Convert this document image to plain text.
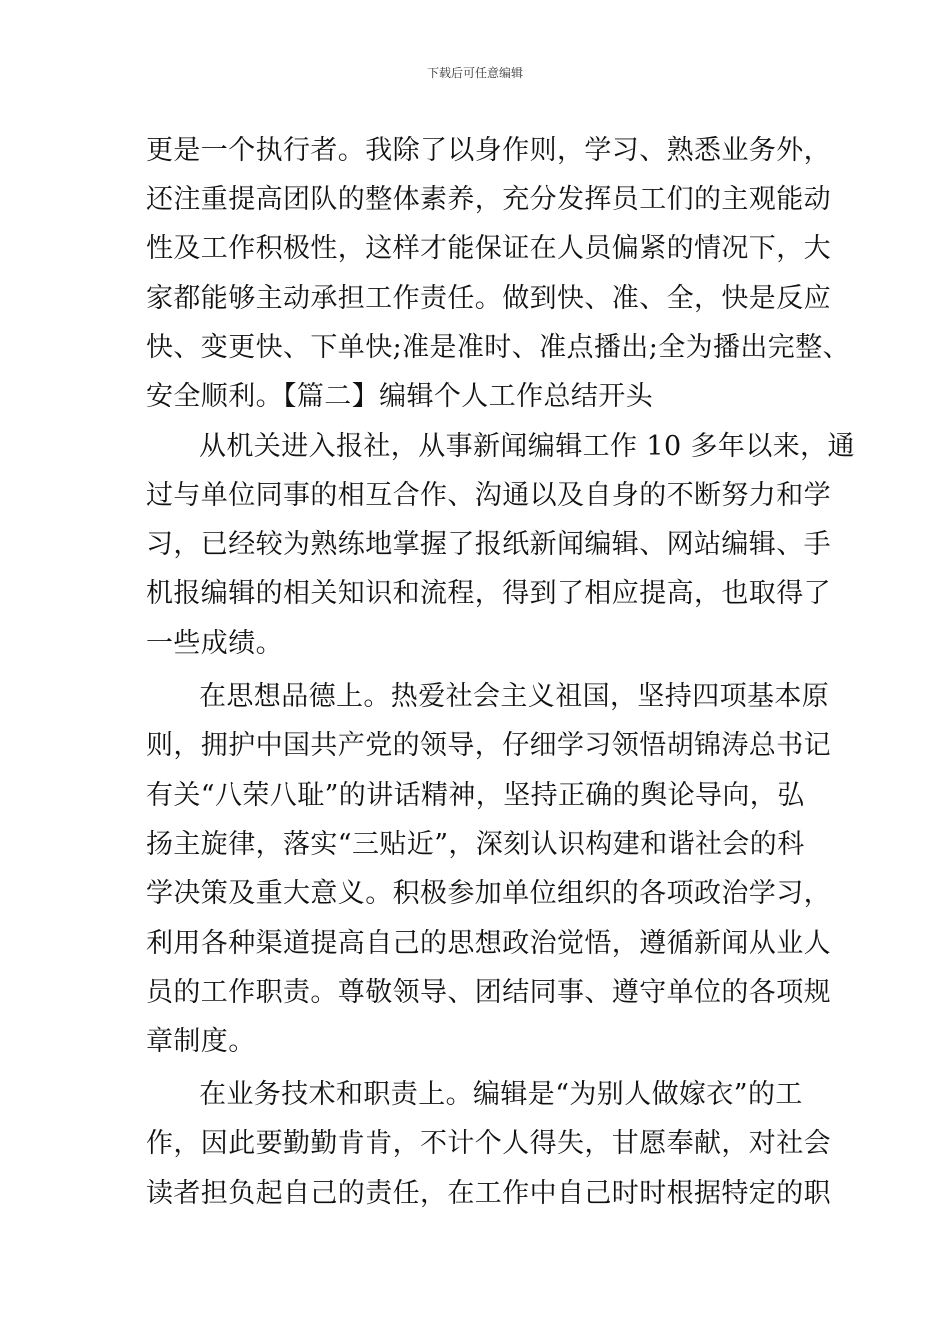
下载后可任意编辑
更是一个执行者。我除了以身作则，学习、熟悉业务外，
还注重提高团队的整体素养，充分发挥员工们的主观能动
性及工作积极性，这样才能保证在人员偏紧的情况下，大
家都能够主动承担工作责任。做到快、准、全，快是反应
快、变更快、下单快;准是准时、准点播出;全为播出完整、
安全顺利。【篇二】编辑个人工作总结开头
从机关进入报社，从事新闻编辑工作 10 多年以来，通
过与单位同事的相互合作、沟通以及自身的不断努力和学
习，已经较为熟练地掌握了报纸新闻编辑、网站编辑、手
机报编辑的相关知识和流程，得到了相应提高，也取得了
一些成绩。
在思想品德上。热爱社会主义祖国，坚持四项基本原
则，拥护中国共产党的领导，仔细学习领悟胡锦涛总书记
有关“八荣八耻”的讲话精神，坚持正确的舆论导向，弘
扬主旋律，落实“三贴近”，深刻认识构建和谐社会的科
学决策及重大意义。积极参加单位组织的各项政治学习，
利用各种渠道提高自己的思想政治觉悟，遵循新闻从业人
员的工作职责。尊敬领导、团结同事、遵守单位的各项规
章制度。
在业务技术和职责上。编辑是“为别人做嫁衣”的工
作，因此要勤勤肯肯，不计个人得失，甘愿奉献，对社会
读者担负起自己的责任，在工作中自己时时根据特定的职
